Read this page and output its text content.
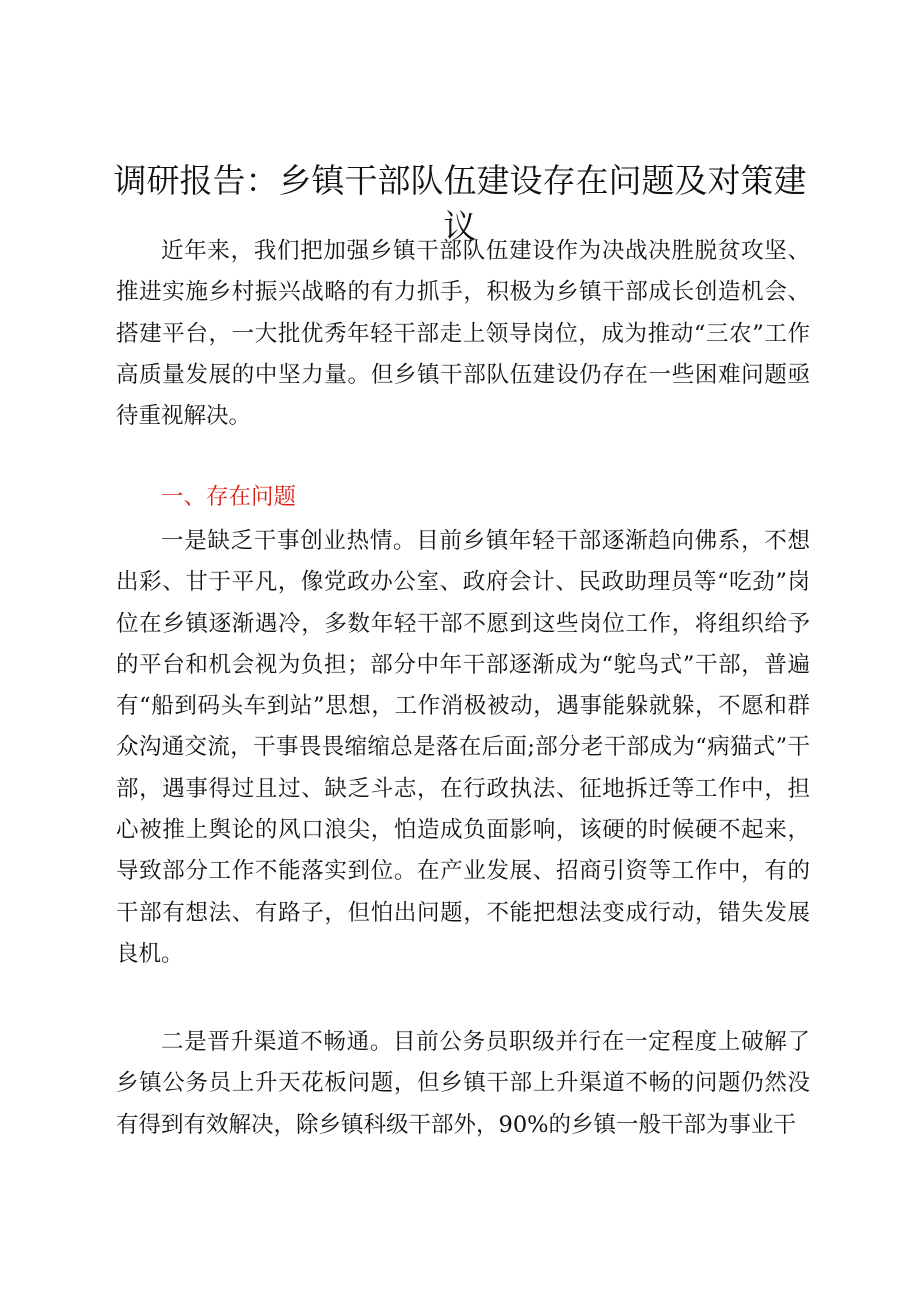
调研报告：乡镇干部队伍建设存在问题及对策建议

近年来，我们把加强乡镇干部队伍建设作为决战决胜脱贫攻坚、推进实施乡村振兴战略的有力抓手，积极为乡镇干部成长创造机会、搭建平台，一大批优秀年轻干部走上领导岗位，成为推动“三农”工作高质量发展的中坚力量。但乡镇干部队伍建设仍存在一些困难问题亟待重视解决。

一、存在问题

一是缺乏干事创业热情。目前乡镇年轻干部逐渐趋向佛系，不想出彩、甘于平凡，像党政办公室、政府会计、民政助理员等“吃劲”岗位在乡镇逐渐遇冷，多数年轻干部不愿到这些岗位工作，将组织给予的平台和机会视为负担；部分中年干部逐渐成为“鸵鸟式”干部，普遍有“船到码头车到站”思想，工作消极被动，遇事能躲就躲，不愿和群众沟通交流，干事畏畏缩缩总是落在后面;部分老干部成为“病猫式”干部，遇事得过且过、缺乏斗志，在行政执法、征地拆迁等工作中，担心被推上舆论的风口浪尖，怕造成负面影响，该硬的时候硬不起来，导致部分工作不能落实到位。在产业发展、招商引资等工作中，有的干部有想法、有路子，但怕出问题，不能把想法变成行动，错失发展良机。

二是晋升渠道不畅通。目前公务员职级并行在一定程度上破解了乡镇公务员上升天花板问题，但乡镇干部上升渠道不畅的问题仍然没有得到有效解决，除乡镇科级干部外，90%的乡镇一般干部为事业干
